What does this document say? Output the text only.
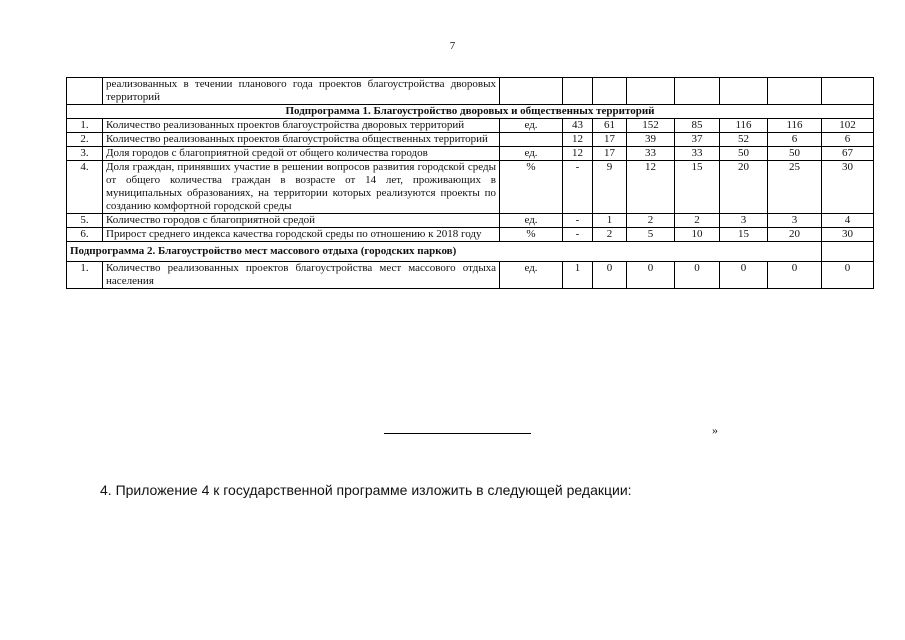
7
	реализованных в течении планового года проектов благоустройства дворовых территорий								
Подпрограмма 1. Благоустройство дворовых и общественных территорий									
1.	Количество реализованных проектов благоустройства дворовых территорий	ед.	43	61	152	85	116	116	102
2.	Количество реализованных проектов благоустройства общественных территорий		12	17	39	37	52	6	6
3.	Доля городов с благоприятной средой от общего количества городов	ед.	12	17	33	33	50	50	67
4.	Доля граждан, принявших участие в решении вопросов развития городской среды от общего количества граждан в возрасте от 14 лет, проживающих в муниципальных образованиях, на территории которых реализуются проекты по созданию комфортной городской среды	%	-	9	12	15	20	25	30
5.	Количество городов с благоприятной средой	ед.	-	1	2	2	3	3	4
6.	Прирост среднего индекса качества городской среды по отношению к 2018 году	%	-	2	5	10	15	20	30
Подпрограмма 2. Благоустройство мест массового отдыха (городских парков)									
1.	Количество реализованных проектов благоустройства мест массового отдыха населения	ед.	1	0	0	0	0	0	0
»
4. Приложение 4 к государственной программе изложить в следующей редакции:
